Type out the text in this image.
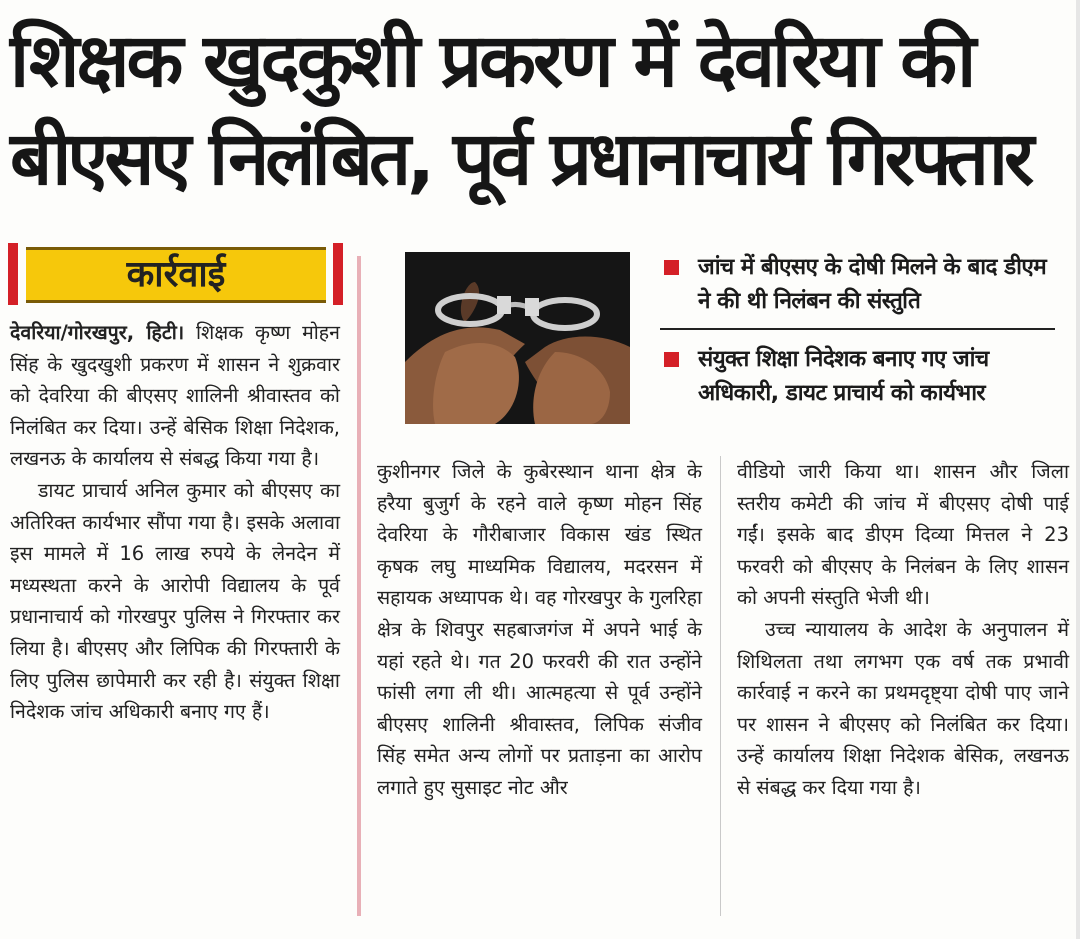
शिक्षक खुदकुशी प्रकरण में देवरिया की
बीएसए निलंबित, पूर्व प्रधानाचार्य गिरफ्तार
कार्रवाई	जांच में बीएसए के दोषी मिलने के बाद डीएम ने की थी निलंबन की संस्तुति
संयुक्त शिक्षा निदेशक बनाए गए जांच अधिकारी, डायट प्राचार्य को कार्यभार

देवरिया/गोरखपुर, हिटी। शिक्षक कृष्ण मोहन सिंह के खुदखुशी प्रकरण में शासन ने शुक्रवार को देवरिया की बीएसए शालिनी श्रीवास्तव को निलंबित कर दिया। उन्हें बेसिक शिक्षा निदेशक, लखनऊ के कार्यालय से संबद्ध किया गया है।

डायट प्राचार्य अनिल कुमार को बीएसए का अतिरिक्त कार्यभार सौंपा गया है। इसके अलावा इस मामले में 16 लाख रुपये के लेनदेन में मध्यस्थता करने के आरोपी विद्यालय के पूर्व प्रधानाचार्य को गोरखपुर पुलिस ने गिरफ्तार कर लिया है। बीएसए और लिपिक की गिरफ्तारी के लिए पुलिस छापेमारी कर रही है। संयुक्त शिक्षा निदेशक जांच अधिकारी बनाए गए हैं।

कुशीनगर जिले के कुबेरस्थान थाना क्षेत्र के हरैया बुजुर्ग के रहने वाले कृष्ण मोहन सिंह देवरिया के गौरीबाजार विकास खंड स्थित कृषक लघु माध्यमिक विद्यालय, मदरसन में सहायक अध्यापक थे। वह गोरखपुर के गुलरिहा क्षेत्र के शिवपुर सहबाजगंज में अपने भाई के यहां रहते थे। गत 20 फरवरी की रात उन्होंने फांसी लगा ली थी। आत्महत्या से पूर्व उन्होंने बीएसए शालिनी श्रीवास्तव, लिपिक संजीव सिंह समेत अन्य लोगों पर प्रताड़ना का आरोप लगाते हुए सुसाइट नोट और

वीडियो जारी किया था। शासन और जिला स्तरीय कमेटी की जांच में बीएसए दोषी पाई गईं। इसके बाद डीएम दिव्या मित्तल ने 23 फरवरी को बीएसए के निलंबन के लिए शासन को अपनी संस्तुति भेजी थी।

उच्च न्यायालय के आदेश के अनुपालन में शिथिलता तथा लगभग एक वर्ष तक प्रभावी कार्रवाई न करने का प्रथमदृष्ट्या दोषी पाए जाने पर शासन ने बीएसए को निलंबित कर दिया। उन्हें कार्यालय शिक्षा निदेशक बेसिक, लखनऊ से संबद्ध कर दिया गया है।
